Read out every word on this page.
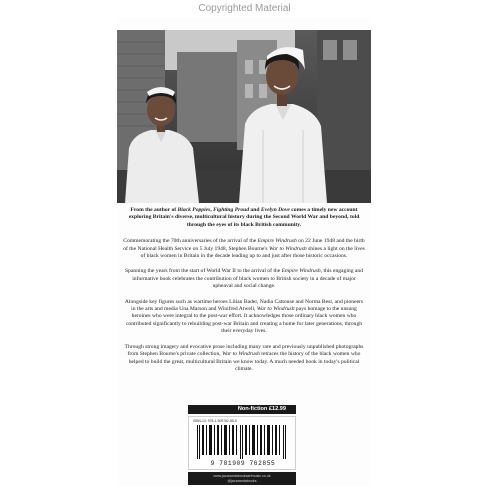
Copyrighted Material

From the author of Black Poppies, Fighting Proud and Evelyn Dove comes a timely new account exploring Britain's diverse, multicultural history during the Second World War and beyond, told through the eyes of its black British community.

Commemorating the 70th anniversaries of the arrival of the Empire Windrush on 22 June 1948 and the birth of the National Health Service on 5 July 1948, Stephen Bourne's War to Windrush shines a light on the lives of black women in Britain in the decade leading up to and just after those historic occasions.

Spanning the years from the start of World War II to the arrival of the Empire Windrush, this engaging and informative book celebrates the contribution of black women to British society in a decade of major upheaval and social change.

Alongside key figures such as wartime heroes Lilian Bader, Nadia Cattouse and Norma Best, and pioneers in the arts and media Una Marson and Winifred Atwell, War to Windrush pays homage to the unsung heroines who were integral to the post-war effort. It acknowledges those ordinary black women who contributed significantly to rebuilding post-war Britain and creating a home for later generations, through their everyday lives.

Through strong imagery and evocative prose including many rare and previously unpublished photographs from Stephen Bourne's private collection, War to Windrush retraces the history of the black women who helped to build the great, multicultural Britain we know today. A much needed book in today's political climate.

Non-fiction £12.99
ISBN-13: 978-1-909762-85-5
9 781909 762855
www.jacarandabooksartmusic.co.uk
@jacarandabooks
